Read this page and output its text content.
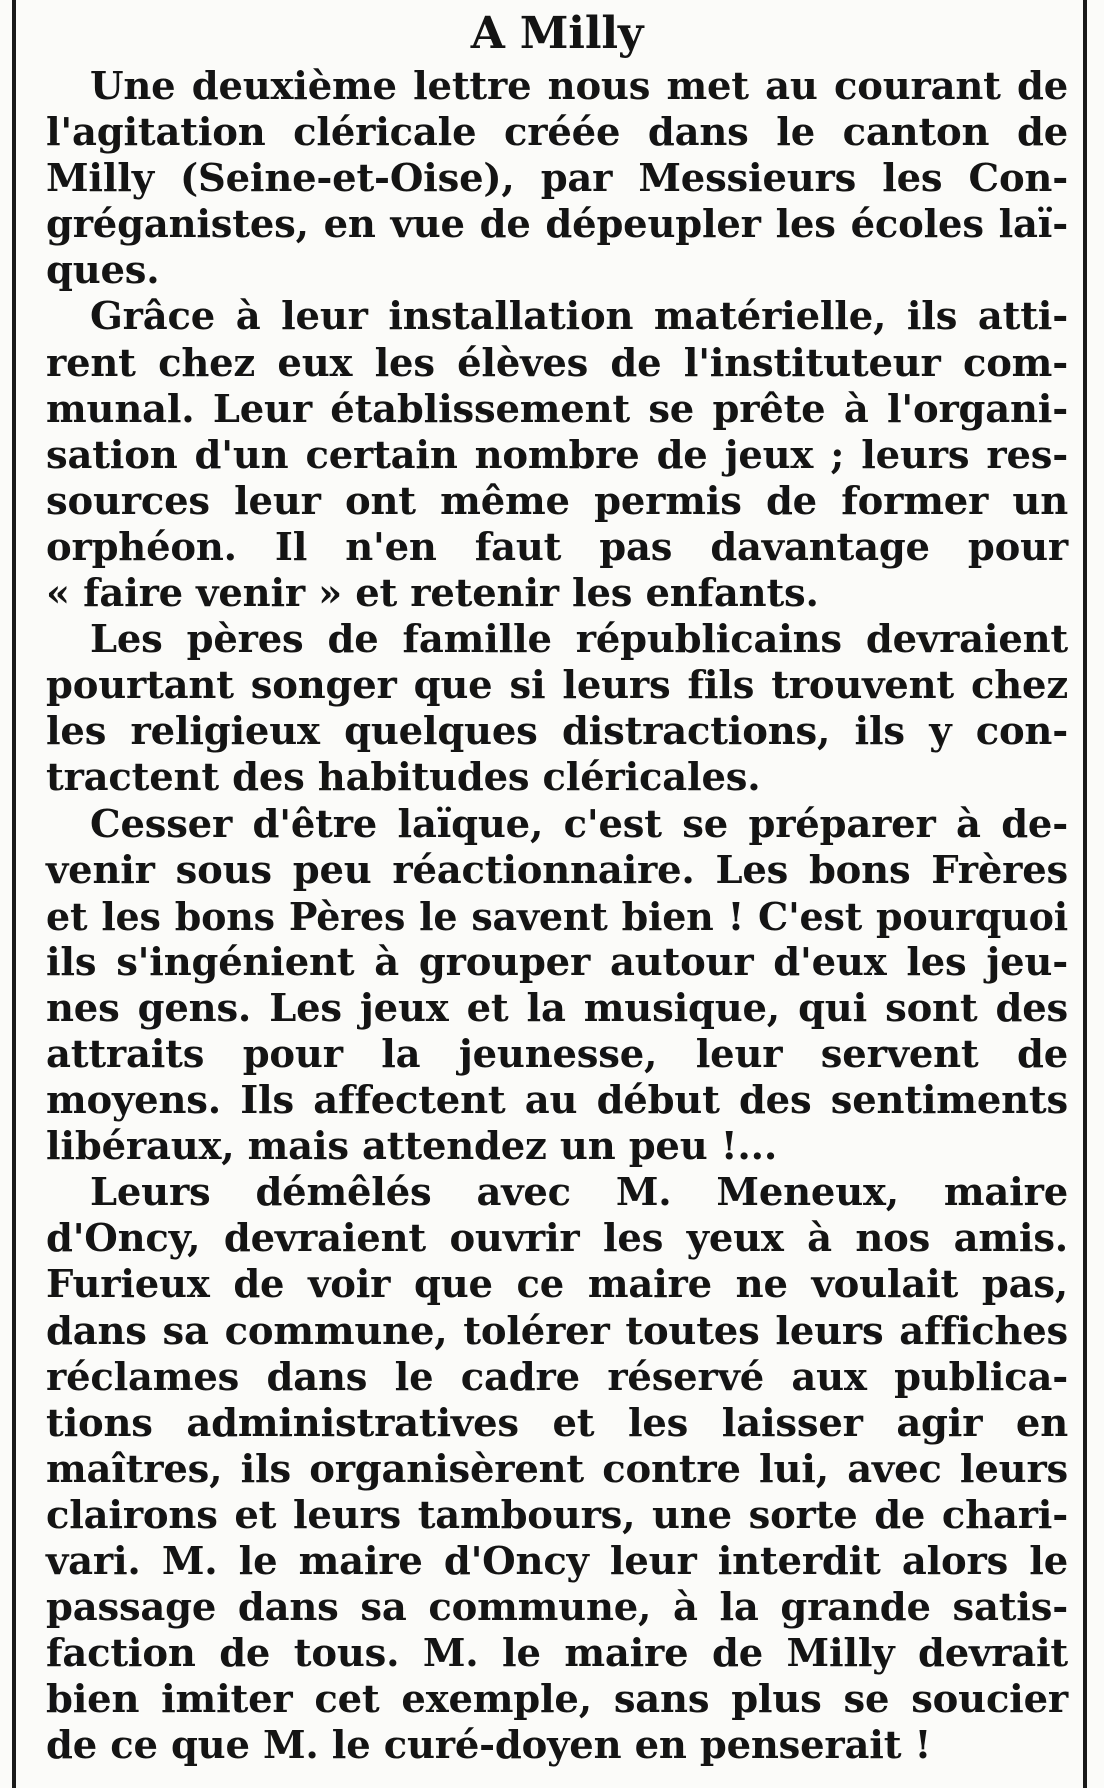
A Milly
Une deuxième lettre nous met au courant de
l'agitation cléricale créée dans le canton de
Milly (Seine-et-Oise), par Messieurs les Con-
gréganistes, en vue de dépeupler les écoles laï-
ques.
Grâce à leur installation matérielle, ils atti-
rent chez eux les élèves de l'instituteur com-
munal. Leur établissement se prête à l'organi-
sation d'un certain nombre de jeux ; leurs res-
sources leur ont même permis de former un
orphéon. Il n'en faut pas davantage pour
« faire venir » et retenir les enfants.
Les pères de famille républicains devraient
pourtant songer que si leurs fils trouvent chez
les religieux quelques distractions, ils y con-
tractent des habitudes cléricales.
Cesser d'être laïque, c'est se préparer à de-
venir sous peu réactionnaire. Les bons Frères
et les bons Pères le savent bien ! C'est pourquoi
ils s'ingénient à grouper autour d'eux les jeu-
nes gens. Les jeux et la musique, qui sont des
attraits pour la jeunesse, leur servent de
moyens. Ils affectent au début des sentiments
libéraux, mais attendez un peu !...
Leurs démêlés avec M. Meneux, maire
d'Oncy, devraient ouvrir les yeux à nos amis.
Furieux de voir que ce maire ne voulait pas,
dans sa commune, tolérer toutes leurs affiches
réclames dans le cadre réservé aux publica-
tions administratives et les laisser agir en
maîtres, ils organisèrent contre lui, avec leurs
clairons et leurs tambours, une sorte de chari-
vari. M. le maire d'Oncy leur interdit alors le
passage dans sa commune, à la grande satis-
faction de tous. M. le maire de Milly devrait
bien imiter cet exemple, sans plus se soucier
de ce que M. le curé-doyen en penserait !
